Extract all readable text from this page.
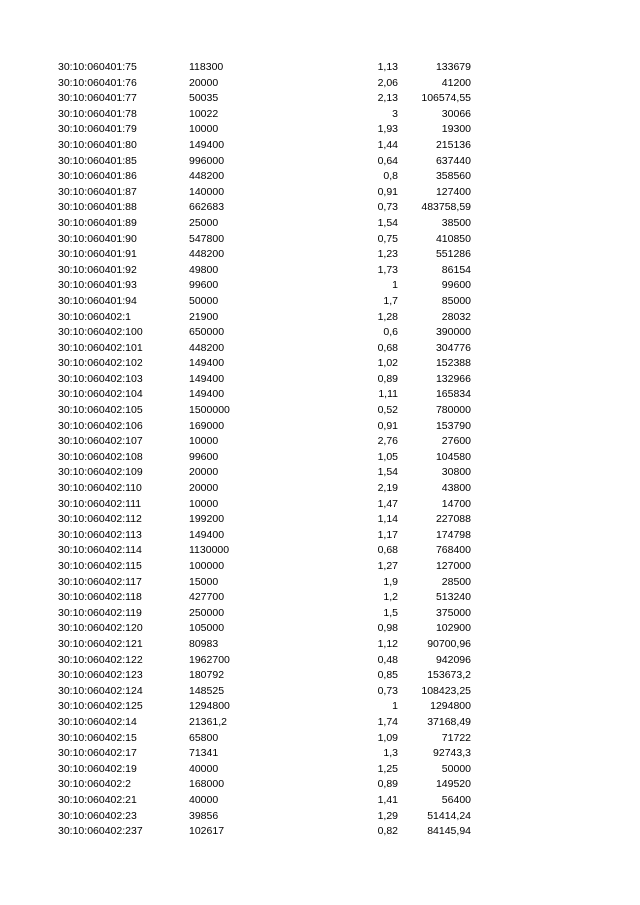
30:10:060401:75	118300	1,13	133679
30:10:060401:76	20000	2,06	41200
30:10:060401:77	50035	2,13	106574,55
30:10:060401:78	10022	3	30066
30:10:060401:79	10000	1,93	19300
30:10:060401:80	149400	1,44	215136
30:10:060401:85	996000	0,64	637440
30:10:060401:86	448200	0,8	358560
30:10:060401:87	140000	0,91	127400
30:10:060401:88	662683	0,73	483758,59
30:10:060401:89	25000	1,54	38500
30:10:060401:90	547800	0,75	410850
30:10:060401:91	448200	1,23	551286
30:10:060401:92	49800	1,73	86154
30:10:060401:93	99600	1	99600
30:10:060401:94	50000	1,7	85000
30:10:060402:1	21900	1,28	28032
30:10:060402:100	650000	0,6	390000
30:10:060402:101	448200	0,68	304776
30:10:060402:102	149400	1,02	152388
30:10:060402:103	149400	0,89	132966
30:10:060402:104	149400	1,11	165834
30:10:060402:105	1500000	0,52	780000
30:10:060402:106	169000	0,91	153790
30:10:060402:107	10000	2,76	27600
30:10:060402:108	99600	1,05	104580
30:10:060402:109	20000	1,54	30800
30:10:060402:110	20000	2,19	43800
30:10:060402:111	10000	1,47	14700
30:10:060402:112	199200	1,14	227088
30:10:060402:113	149400	1,17	174798
30:10:060402:114	1130000	0,68	768400
30:10:060402:115	100000	1,27	127000
30:10:060402:117	15000	1,9	28500
30:10:060402:118	427700	1,2	513240
30:10:060402:119	250000	1,5	375000
30:10:060402:120	105000	0,98	102900
30:10:060402:121	80983	1,12	90700,96
30:10:060402:122	1962700	0,48	942096
30:10:060402:123	180792	0,85	153673,2
30:10:060402:124	148525	0,73	108423,25
30:10:060402:125	1294800	1	1294800
30:10:060402:14	21361,2	1,74	37168,49
30:10:060402:15	65800	1,09	71722
30:10:060402:17	71341	1,3	92743,3
30:10:060402:19	40000	1,25	50000
30:10:060402:2	168000	0,89	149520
30:10:060402:21	40000	1,41	56400
30:10:060402:23	39856	1,29	51414,24
30:10:060402:237	102617	0,82	84145,94
